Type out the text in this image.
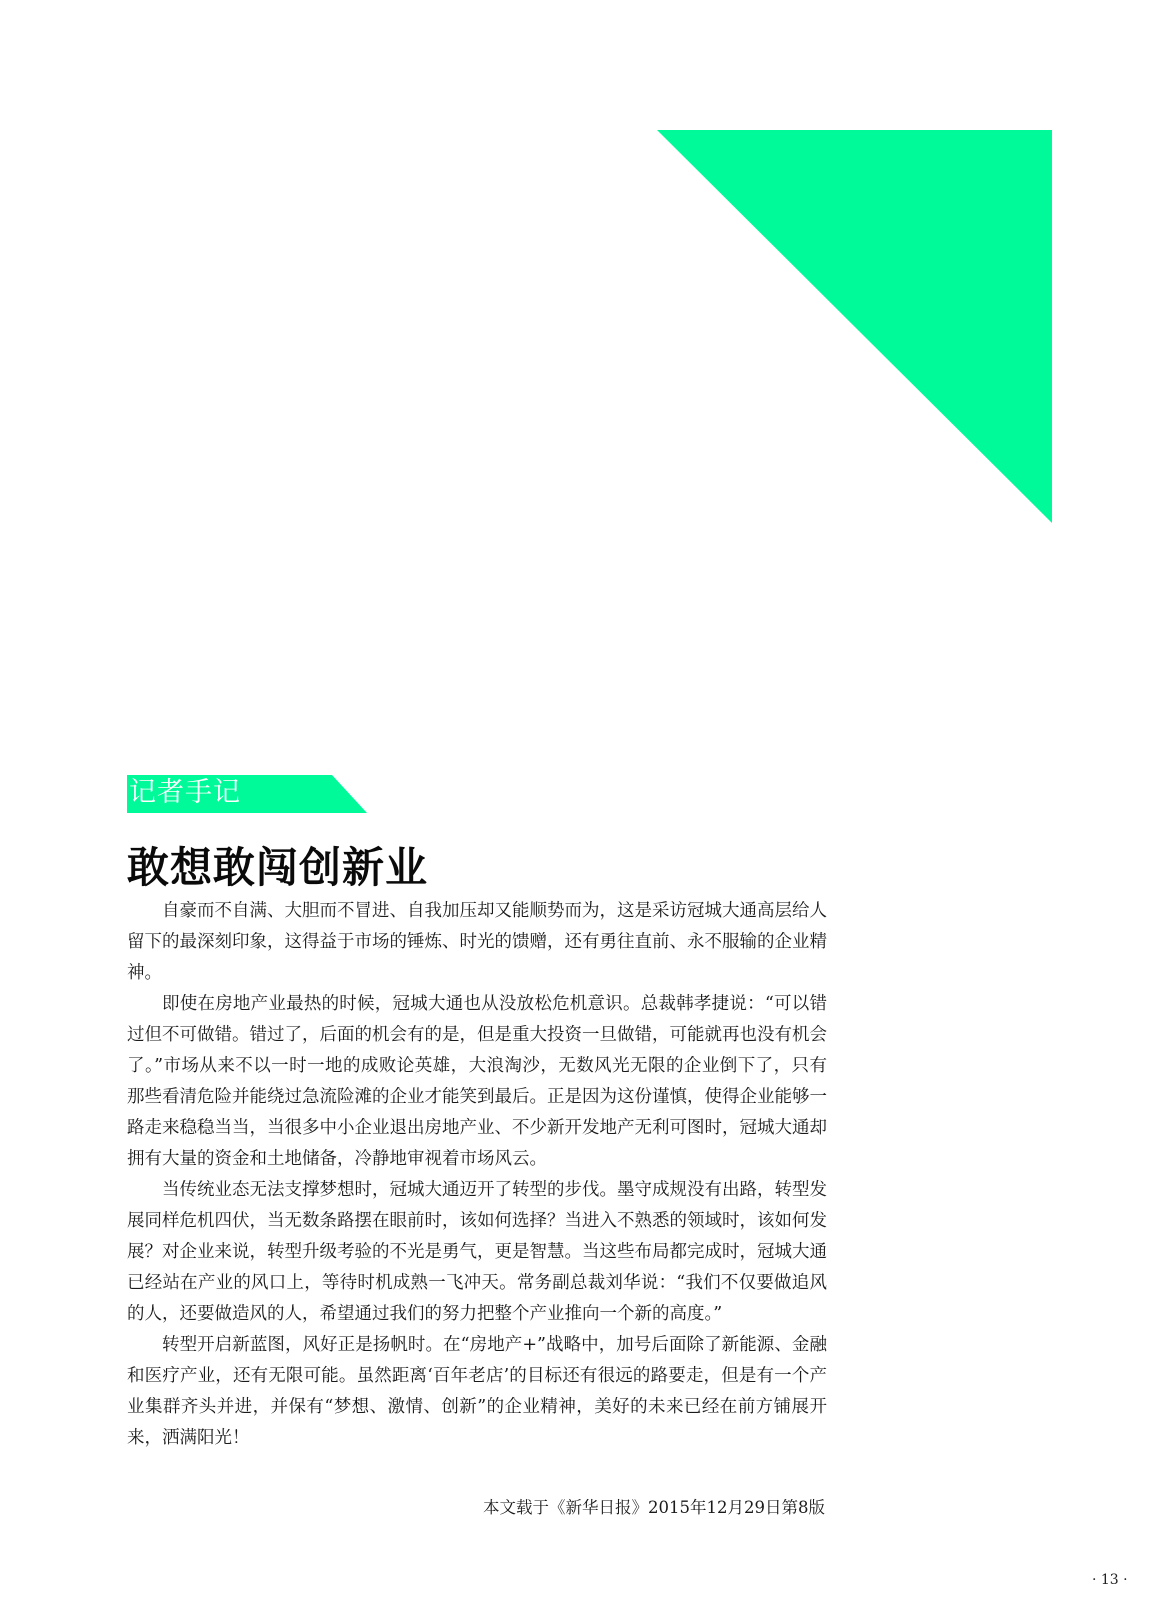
记者手记
敢想敢闯创新业

自豪而不自满、大胆而不冒进、自我加压却又能顺势而为，这是采访冠城大通高层给人留下的最深刻印象，这得益于市场的锤炼、时光的馈赠，还有勇往直前、永不服输的企业精神。

即使在房地产业最热的时候，冠城大通也从没放松危机意识。总裁韩孝捷说：“可以错过但不可做错。错过了，后面的机会有的是，但是重大投资一旦做错，可能就再也没有机会了。”市场从来不以一时一地的成败论英雄，大浪淘沙，无数风光无限的企业倒下了，只有那些看清危险并能绕过急流险滩的企业才能笑到最后。正是因为这份谨慎，使得企业能够一路走来稳稳当当，当很多中小企业退出房地产业、不少新开发地产无利可图时，冠城大通却拥有大量的资金和土地储备，冷静地审视着市场风云。

当传统业态无法支撑梦想时，冠城大通迈开了转型的步伐。墨守成规没有出路，转型发展同样危机四伏，当无数条路摆在眼前时，该如何选择？当进入不熟悉的领域时，该如何发展？对企业来说，转型升级考验的不光是勇气，更是智慧。当这些布局都完成时，冠城大通已经站在产业的风口上，等待时机成熟一飞冲天。常务副总裁刘华说：“我们不仅要做追风的人，还要做造风的人，希望通过我们的努力把整个产业推向一个新的高度。”

转型开启新蓝图，风好正是扬帆时。在“房地产+”战略中，加号后面除了新能源、金融和医疗产业，还有无限可能。虽然距离‘百年老店’的目标还有很远的路要走，但是有一个产业集群齐头并进，并保有“梦想、激情、创新”的企业精神，美好的未来已经在前方铺展开来，洒满阳光！

本文载于《新华日报》2015年12月29日第8版
· 13 ·
